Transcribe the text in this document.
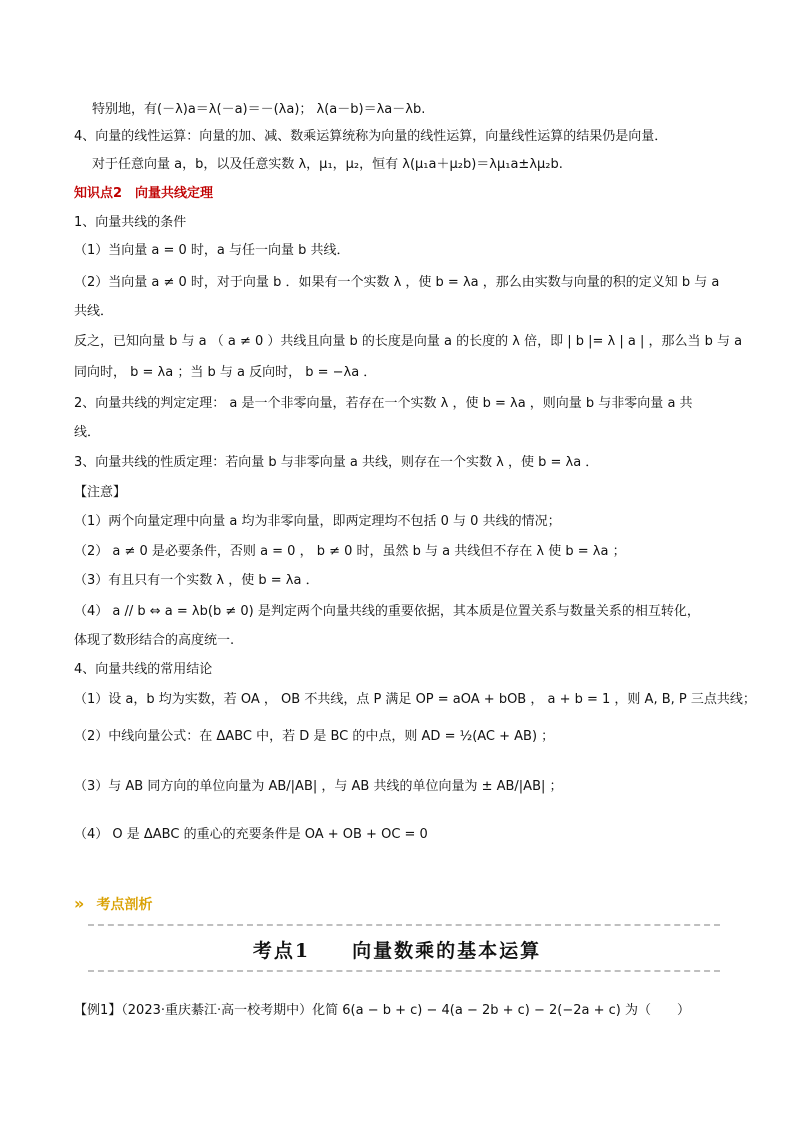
特别地，有(－λ)a＝λ(－a)＝－(λa)； λ(a－b)＝λa－λb.
4、向量的线性运算：向量的加、减、数乘运算统称为向量的线性运算，向量线性运算的结果仍是向量．
对于任意向量 a，b，以及任意实数 λ，μ₁，μ₂，恒有 λ(μ₁a＋μ₂b)＝λμ₁a±λμ₂b.
知识点2　向量共线定理
1、向量共线的条件
（1）当向量 a = 0 时，a 与任一向量 b 共线．
（2）当向量 a ≠ 0 时，对于向量 b ．如果有一个实数 λ ，使 b = λa ，那么由实数与向量的积的定义知 b 与 a
共线．
反之，已知向量 b 与 a （ a ≠ 0 ）共线且向量 b 的长度是向量 a 的长度的 λ 倍，即 | b |= λ | a | ，那么当 b 与 a
同向时， b = λa ；当 b 与 a 反向时， b = −λa ．
2、向量共线的判定定理： a 是一个非零向量，若存在一个实数 λ ，使 b = λa ，则向量 b 与非零向量 a 共
线．
3、向量共线的性质定理：若向量 b 与非零向量 a 共线，则存在一个实数 λ ，使 b = λa ．
【注意】
（1）两个向量定理中向量 a 均为非零向量，即两定理均不包括 0 与 0 共线的情况；
（2） a ≠ 0 是必要条件，否则 a = 0 ， b ≠ 0 时，虽然 b 与 a 共线但不存在 λ 使 b = λa ；
（3）有且只有一个实数 λ ，使 b = λa ．
（4） a // b ⇔ a = λb(b ≠ 0) 是判定两个向量共线的重要依据，其本质是位置关系与数量关系的相互转化，
体现了数形结合的高度统一.
4、向量共线的常用结论
（1）设 a，b 均为实数，若 OA ， OB 不共线，点 P 满足 OP = aOA + bOB ， a + b = 1 ，则 A, B, P 三点共线；
（2）中线向量公式：在 ΔABC 中，若 D 是 BC 的中点，则 AD = ½(AC + AB) ；
（3）与 AB 同方向的单位向量为 AB/|AB| ，与 AB 共线的单位向量为 ± AB/|AB| ；
（4） O 是 ΔABC 的重心的充要条件是 OA + OB + OC = 0
» 考点剖析
考点1　　向量数乘的基本运算
【例1】（2023·重庆綦江·高一校考期中）化简 6(a − b + c) − 4(a − 2b + c) − 2(−2a + c) 为（　　）
